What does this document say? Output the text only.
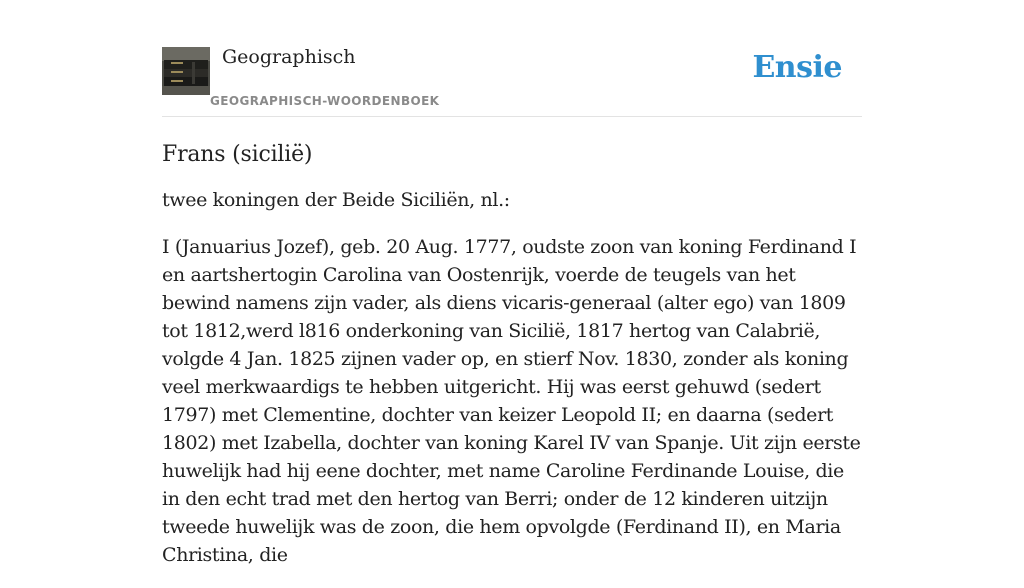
Geographisch
GEOGRAPHISCH-WOORDENBOEK
Ensie
Frans (sicilië)

twee koningen der Beide Siciliën, nl.:

I (Januarius Jozef), geb. 20 Aug. 1777, oudste zoon van koning Ferdinand I en aartshertogin Carolina van Oostenrijk, voerde de teugels van het bewind namens zijn vader, als diens vicaris-generaal (alter ego) van 1809 tot 1812,werd l816 onderkoning van Sicilië, 1817 hertog van Calabrië, volgde 4 Jan. 1825 zijnen vader op, en stierf Nov. 1830, zonder als koning veel merkwaardigs te hebben uitgericht. Hij was eerst gehuwd (sedert 1797) met Clementine, dochter van keizer Leopold II; en daarna (sedert 1802) met Izabella, dochter van koning Karel IV van Spanje. Uit zijn eerste huwelijk had hij eene dochter, met name Caroline Ferdinande Louise, die in den echt trad met den hertog van Berri; onder de 12 kinderen uitzijn tweede huwelijk was de zoon, die hem opvolgde (Ferdinand II), en Maria Christina, die
